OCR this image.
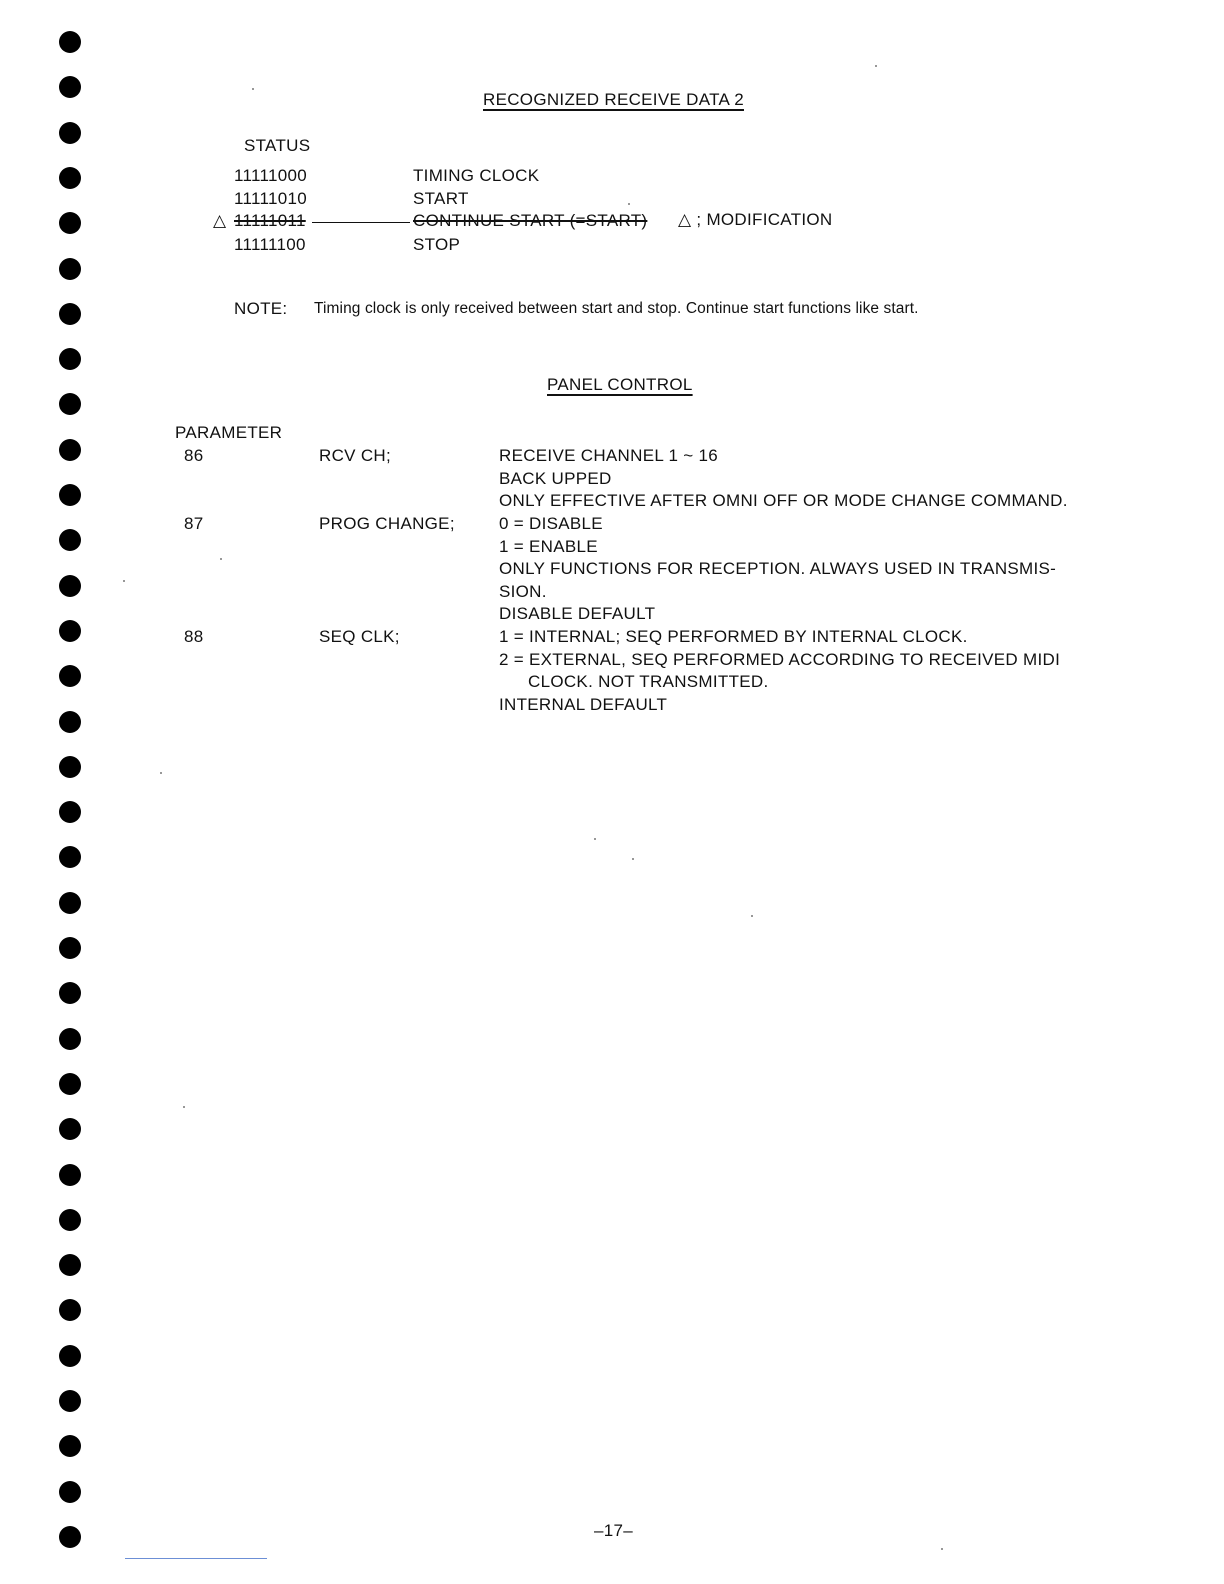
RECOGNIZED RECEIVE DATA 2
STATUS
11111000	TIMING CLOCK
11111010	START
△ 11111011	CONTINUE START (=START) △ ; MODIFICATION
11111100	STOP
NOTE: Timing clock is only received between start and stop. Continue start functions like start.
PANEL CONTROL
PARAMETER
86	RCV CH;	RECEIVE CHANNEL 1 ~ 16
BACK UPPED
ONLY EFFECTIVE AFTER OMNI OFF OR MODE CHANGE COMMAND.
87	PROG CHANGE;	0 = DISABLE
1 = ENABLE
ONLY FUNCTIONS FOR RECEPTION. ALWAYS USED IN TRANSMIS-
SION.
DISABLE DEFAULT
88	SEQ CLK;	1 = INTERNAL; SEQ PERFORMED BY INTERNAL CLOCK.
2 = EXTERNAL, SEQ PERFORMED ACCORDING TO RECEIVED MIDI
CLOCK. NOT TRANSMITTED.
INTERNAL DEFAULT
–17–
